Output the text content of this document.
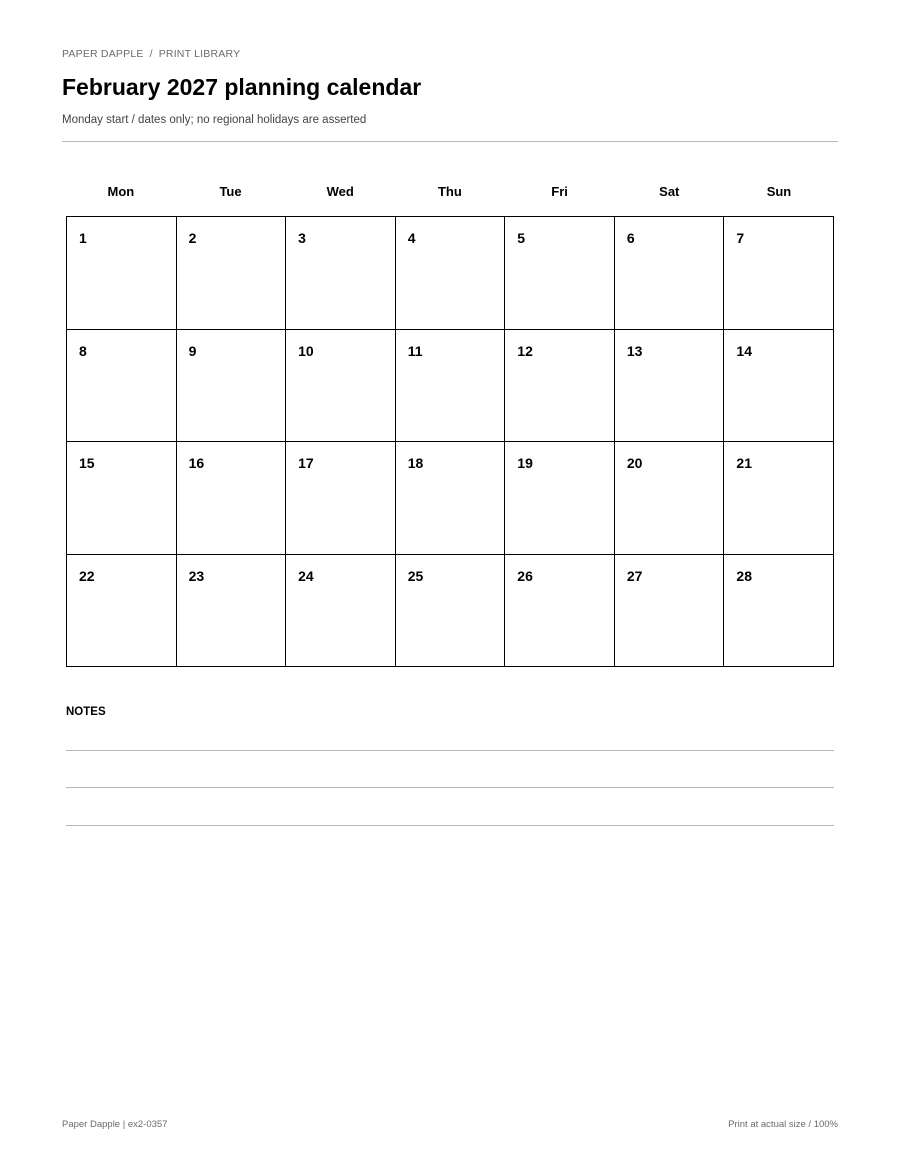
PAPER DAPPLE / PRINT LIBRARY
February 2027 planning calendar
Monday start / dates only; no regional holidays are asserted
Mon	Tue	Wed	Thu	Fri	Sat	Sun
1	2	3	4	5	6	7
8	9	10	11	12	13	14
15	16	17	18	19	20	21
22	23	24	25	26	27	28
NOTES
Paper Dapple | ex2-0357	Print at actual size / 100%
